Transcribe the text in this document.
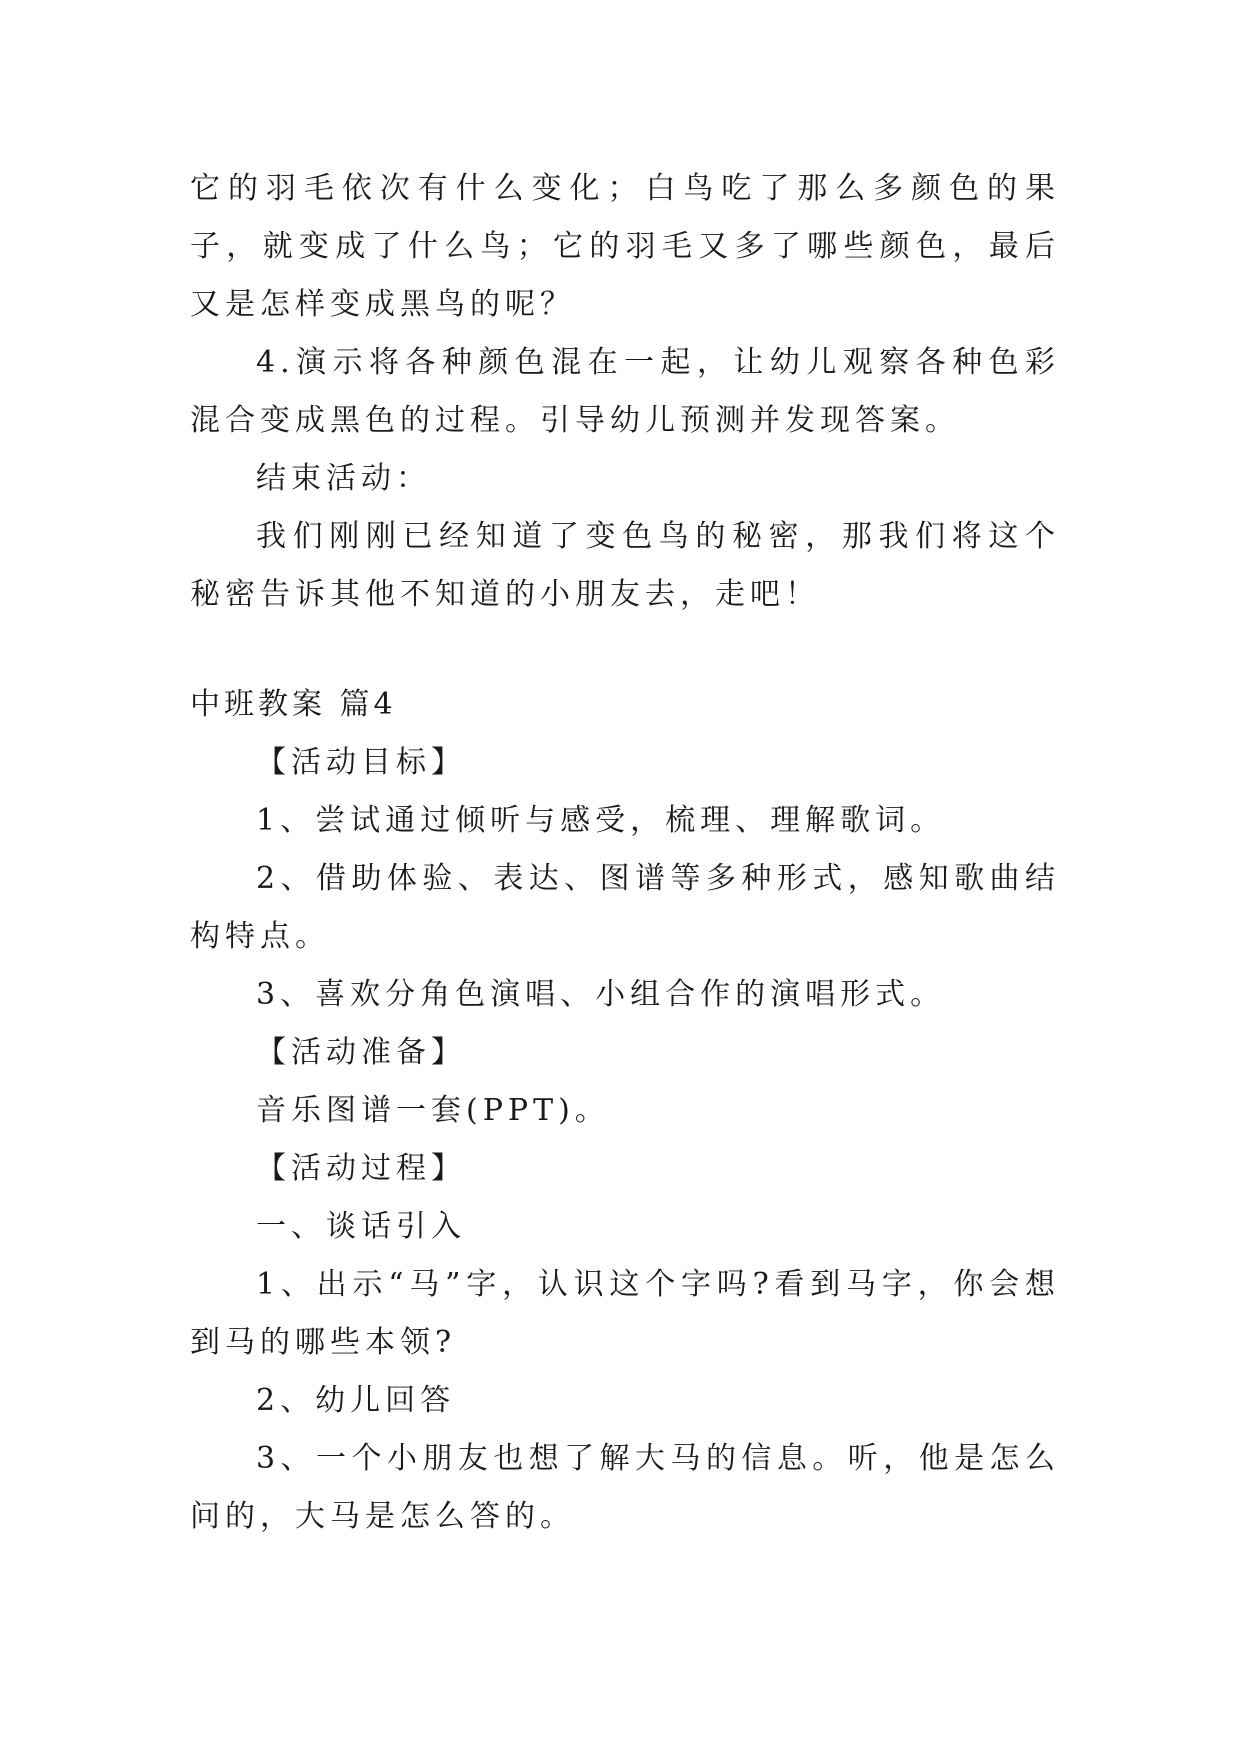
它的羽毛依次有什么变化；白鸟吃了那么多颜色的果子，就变成了什么鸟；它的羽毛又多了哪些颜色，最后又是怎样变成黑鸟的呢？

4.演示将各种颜色混在一起，让幼儿观察各种色彩混合变成黑色的过程。引导幼儿预测并发现答案。

结束活动：

我们刚刚已经知道了变色鸟的秘密，那我们将这个秘密告诉其他不知道的小朋友去，走吧！

中班教案 篇4

【活动目标】

1、尝试通过倾听与感受，梳理、理解歌词。

2、借助体验、表达、图谱等多种形式，感知歌曲结构特点。

3、喜欢分角色演唱、小组合作的演唱形式。

【活动准备】

音乐图谱一套(PPT)。

【活动过程】

一、谈话引入

1、出示“马”字，认识这个字吗?看到马字，你会想到马的哪些本领?

2、幼儿回答

3、一个小朋友也想了解大马的信息。听，他是怎么问的，大马是怎么答的。
